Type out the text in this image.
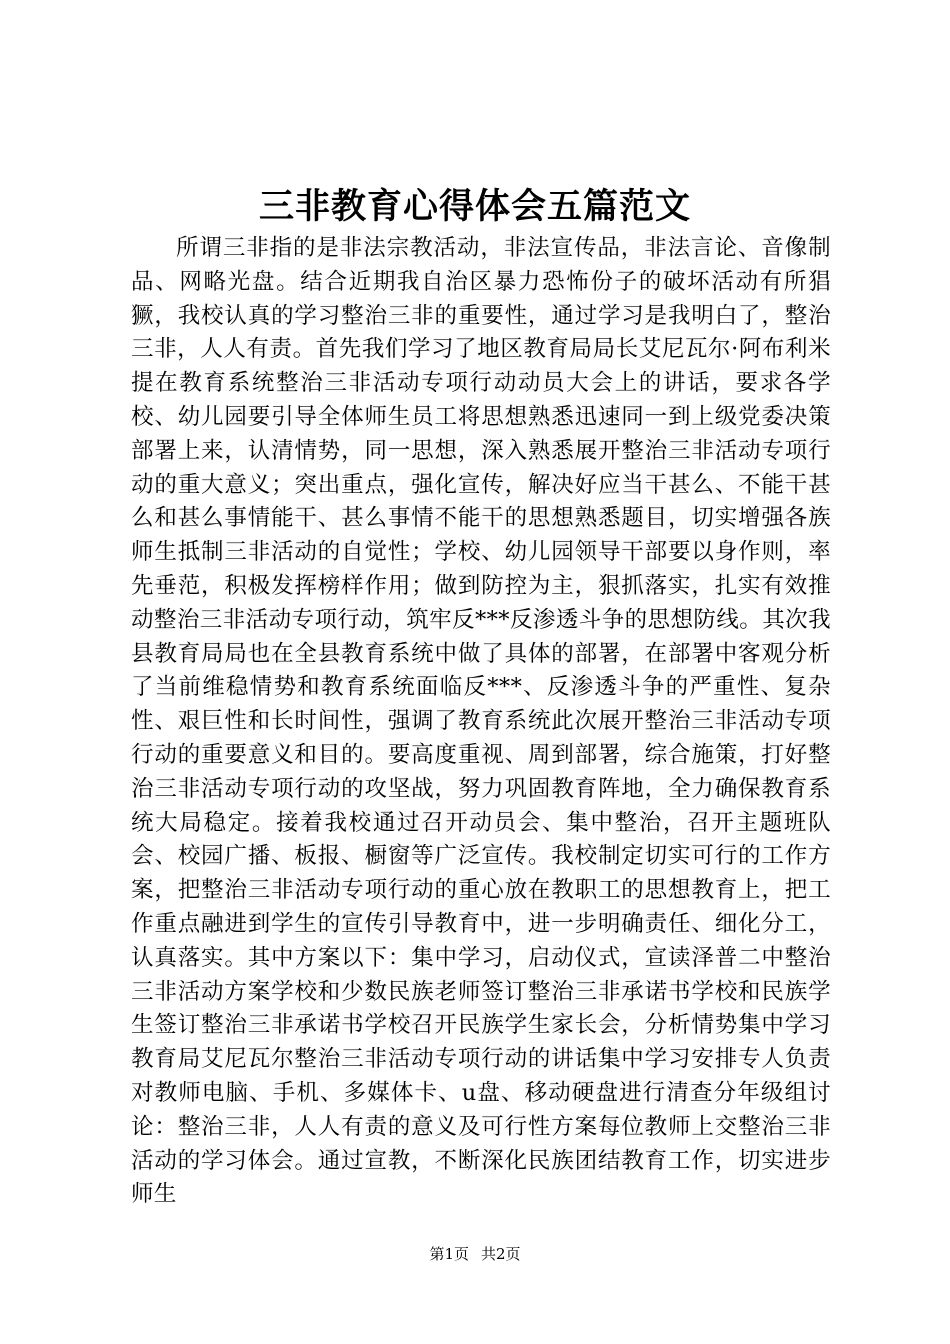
三非教育心得体会五篇范文

所谓三非指的是非法宗教活动，非法宣传品，非法言论、音像制品、网略光盘。结合近期我自治区暴力恐怖份子的破坏活动有所猖獗，我校认真的学习整治三非的重要性，通过学习是我明白了，整治三非，人人有责。首先我们学习了地区教育局局长艾尼瓦尔·阿布利米提在教育系统整治三非活动专项行动动员大会上的讲话，要求各学校、幼儿园要引导全体师生员工将思想熟悉迅速同一到上级党委决策部署上来，认清情势，同一思想，深入熟悉展开整治三非活动专项行动的重大意义；突出重点，强化宣传，解决好应当干甚么、不能干甚么和甚么事情能干、甚么事情不能干的思想熟悉题目，切实增强各族师生抵制三非活动的自觉性；学校、幼儿园领导干部要以身作则，率先垂范，积极发挥榜样作用；做到防控为主，狠抓落实，扎实有效推动整治三非活动专项行动，筑牢反***反渗透斗争的思想防线。其次我县教育局局也在全县教育系统中做了具体的部署，在部署中客观分析了当前维稳情势和教育系统面临反***、反渗透斗争的严重性、复杂性、艰巨性和长时间性，强调了教育系统此次展开整治三非活动专项行动的重要意义和目的。要高度重视、周到部署，综合施策，打好整治三非活动专项行动的攻坚战，努力巩固教育阵地，全力确保教育系统大局稳定。接着我校通过召开动员会、集中整治，召开主题班队会、校园广播、板报、橱窗等广泛宣传。我校制定切实可行的工作方案，把整治三非活动专项行动的重心放在教职工的思想教育上，把工作重点融进到学生的宣传引导教育中，进一步明确责任、细化分工，认真落实。其中方案以下：集中学习，启动仪式，宣读泽普二中整治三非活动方案学校和少数民族老师签订整治三非承诺书学校和民族学生签订整治三非承诺书学校召开民族学生家长会，分析情势集中学习教育局艾尼瓦尔整治三非活动专项行动的讲话集中学习安排专人负责对教师电脑、手机、多媒体卡、u盘、移动硬盘进行清查分年级组讨论：整治三非，人人有责的意义及可行性方案每位教师上交整治三非活动的学习体会。通过宣教，不断深化民族团结教育工作，切实进步师生

第1页 共2页
